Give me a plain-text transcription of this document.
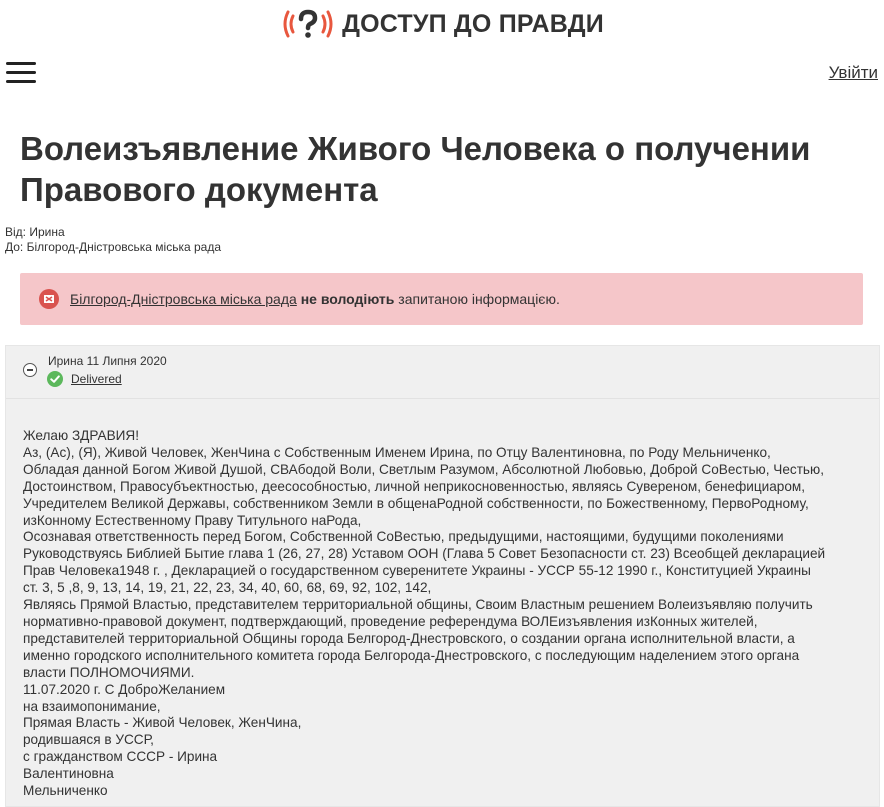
ДОСТУП ДО ПРАВДИ
Увійти
Волеизъявление Живого Человека о получении Правового документа
Від: Ирина
До: Білгород-Дністровська міська рада
Білгород-Дністровська міська рада не володіють запитаною інформацією.
Ирина 11 Липня 2020
Delivered
Желаю ЗДРАВИЯ!
Аз, (Ас), (Я), Живой Человек, ЖенЧина с Собственным Именем Ирина, по Отцу Валентиновна, по Роду Мельниченко,
Обладая данной Богом Живой Душой, СВАбодой Воли, Светлым Разумом, Абсолютной Любовью, Доброй СоВестью, Честью,
Достоинством, Правосубъектностью, деесособностью, личной неприкосновенностью, являясь Сувереном, бенефициаром,
Учредителем Великой Державы, собственником Земли в общенаРодной собственности, по Божественному, ПервоРодному,
изКонному Естественному Праву Титульного наРода,
Осознавая ответственность перед Богом, Собственной СоВестью, предыдущими, настоящими, будущими поколениями
Руководствуясь Библией Бытие глава 1 (26, 27, 28) Уставом ООН (Глава 5 Совет Безопасности ст. 23) Всеобщей декларацией
Прав Человека1948 г. , Декларацией о государственном суверенитете Украины - УССР 55-12 1990 г., Конституцией Украины
ст. 3, 5 ,8, 9, 13, 14, 19, 21, 22, 23, 34, 40, 60, 68, 69, 92, 102, 142,
Являясь Прямой Властью, представителем территориальной общины, Своим Властным решением Волеизъявляю получить
нормативно-правовой документ, подтверждающий, проведение референдума ВОЛЕизъявления изКонных жителей,
представителей территориальной Общины города Белгород-Днестровского, о создании органа исполнительной власти, а
именно городского исполнительного комитета города Белгорода-Днестровского, с последующим наделением этого органа
власти ПОЛНОМОЧИЯМИ.
11.07.2020 г. С ДоброЖеланием
на взаимопонимание,
Прямая Власть - Живой Человек, ЖенЧина,
родившаяся в УССР,
с гражданством СССР - Ирина
Валентиновна
Мельниченко
